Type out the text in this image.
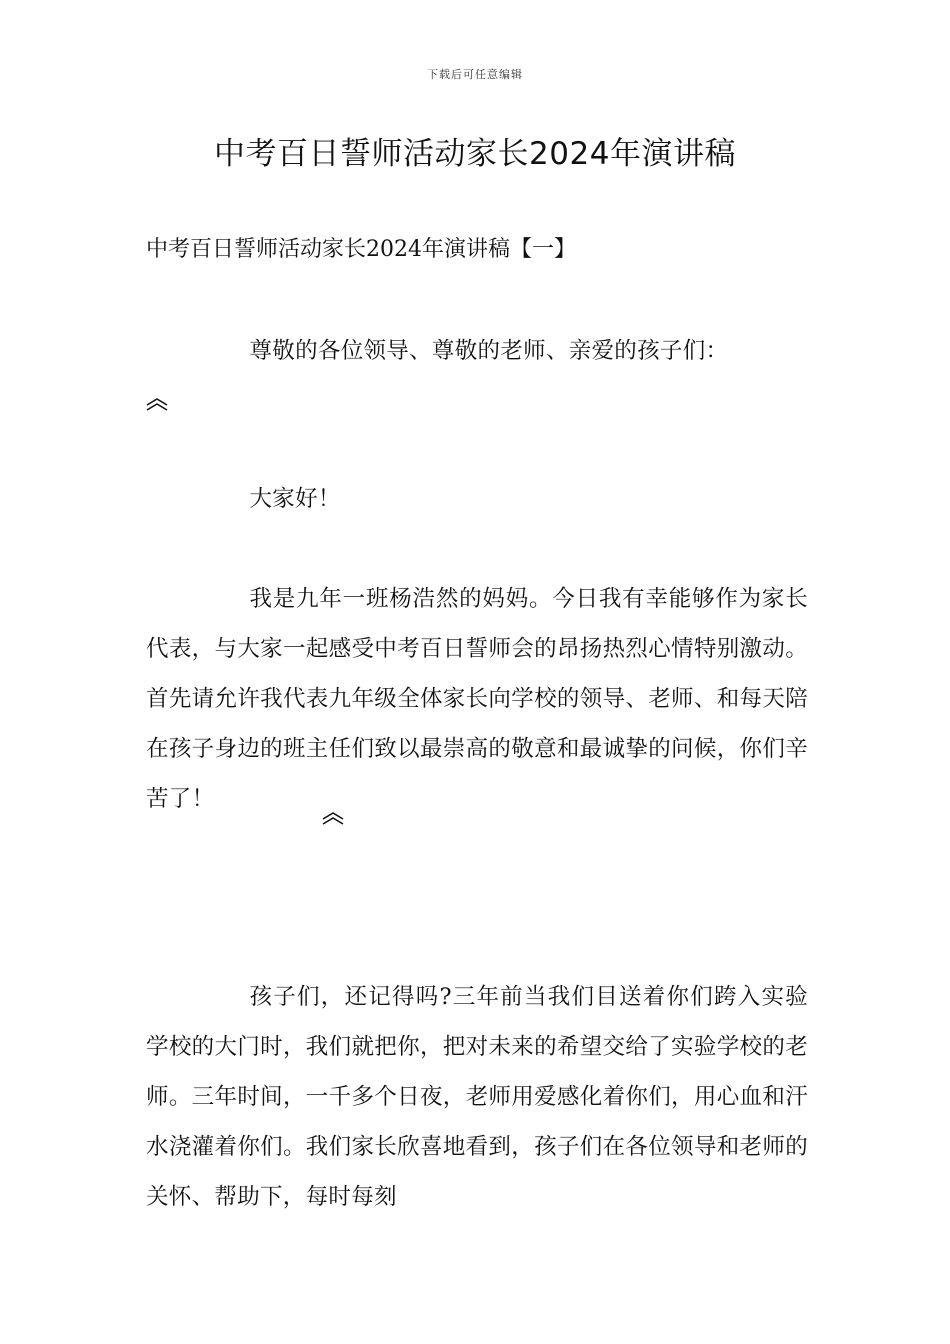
下载后可任意编辑
中考百日誓师活动家长2024年演讲稿
中考百日誓师活动家长2024年演讲稿【一】

尊敬的各位领导、尊敬的老师、亲爱的孩子们：

大家好！

我是九年一班杨浩然的妈妈。今日我有幸能够作为家长代表，与大家一起感受中考百日誓师会的昂扬热烈心情特别激动。首先请允许我代表九年级全体家长向学校的领导、老师、和每天陪在孩子身边的班主任们致以最崇高的敬意和最诚挚的问候，你们辛苦了！

孩子们，还记得吗?三年前当我们目送着你们跨入实验学校的大门时，我们就把你，把对未来的希望交给了实验学校的老师。三年时间，一千多个日夜，老师用爱感化着你们，用心血和汗水浇灌着你们。我们家长欣喜地看到，孩子们在各位领导和老师的关怀、帮助下，每时每刻
